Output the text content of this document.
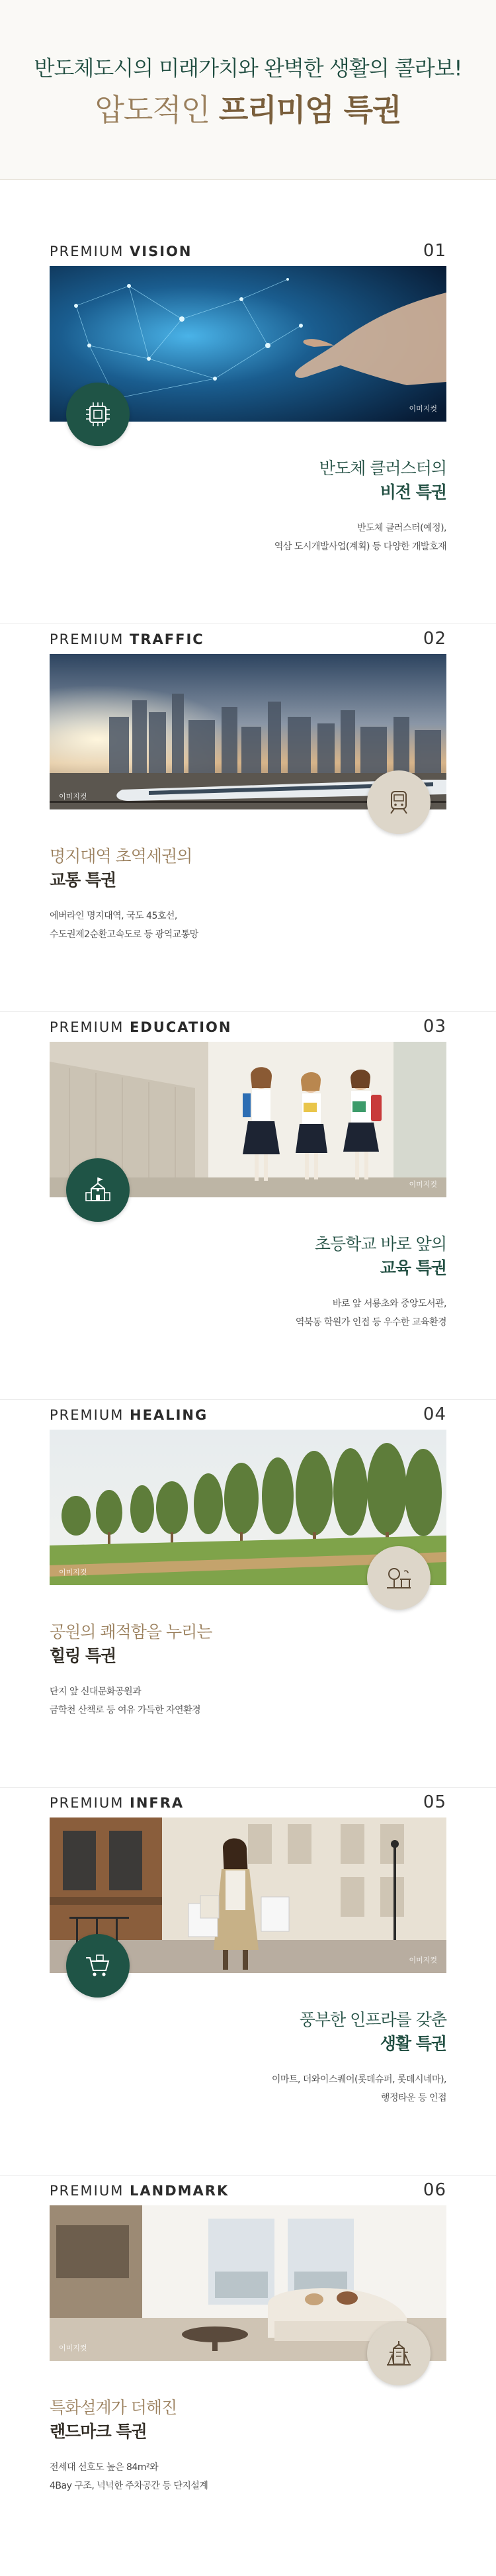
반도체도시의 미래가치와 완벽한 생활의 콜라보!
압도적인 프리미엄 특권
PREMIUM VISION	01
이미지컷
반도체 클러스터의
비전 특권
반도체 클러스터(예정),
역삼 도시개발사업(계획) 등 다양한 개발호재
PREMIUM TRAFFIC	02
이미지컷
명지대역 초역세권의
교통 특권
에버라인 명지대역, 국도 45호선,
수도권제2순환고속도로 등 광역교통망
PREMIUM EDUCATION	03
이미지컷
초등학교 바로 앞의
교육 특권
바로 앞 서룡초와 중앙도서관,
역북동 학원가 인접 등 우수한 교육환경
PREMIUM HEALING	04
이미지컷
공원의 쾌적함을 누리는
힐링 특권
단지 앞 신대문화공원과
금학천 산책로 등 여유 가득한 자연환경
PREMIUM INFRA	05
이미지컷
풍부한 인프라를 갖춘
생활 특권
이마트, 더와이스퀘어(롯데슈퍼, 롯데시네마),
행정타운 등 인접
PREMIUM LANDMARK	06
이미지컷
특화설계가 더해진
랜드마크 특권
전세대 선호도 높은 84m²와
4Bay 구조, 넉넉한 주차공간 등 단지설계
